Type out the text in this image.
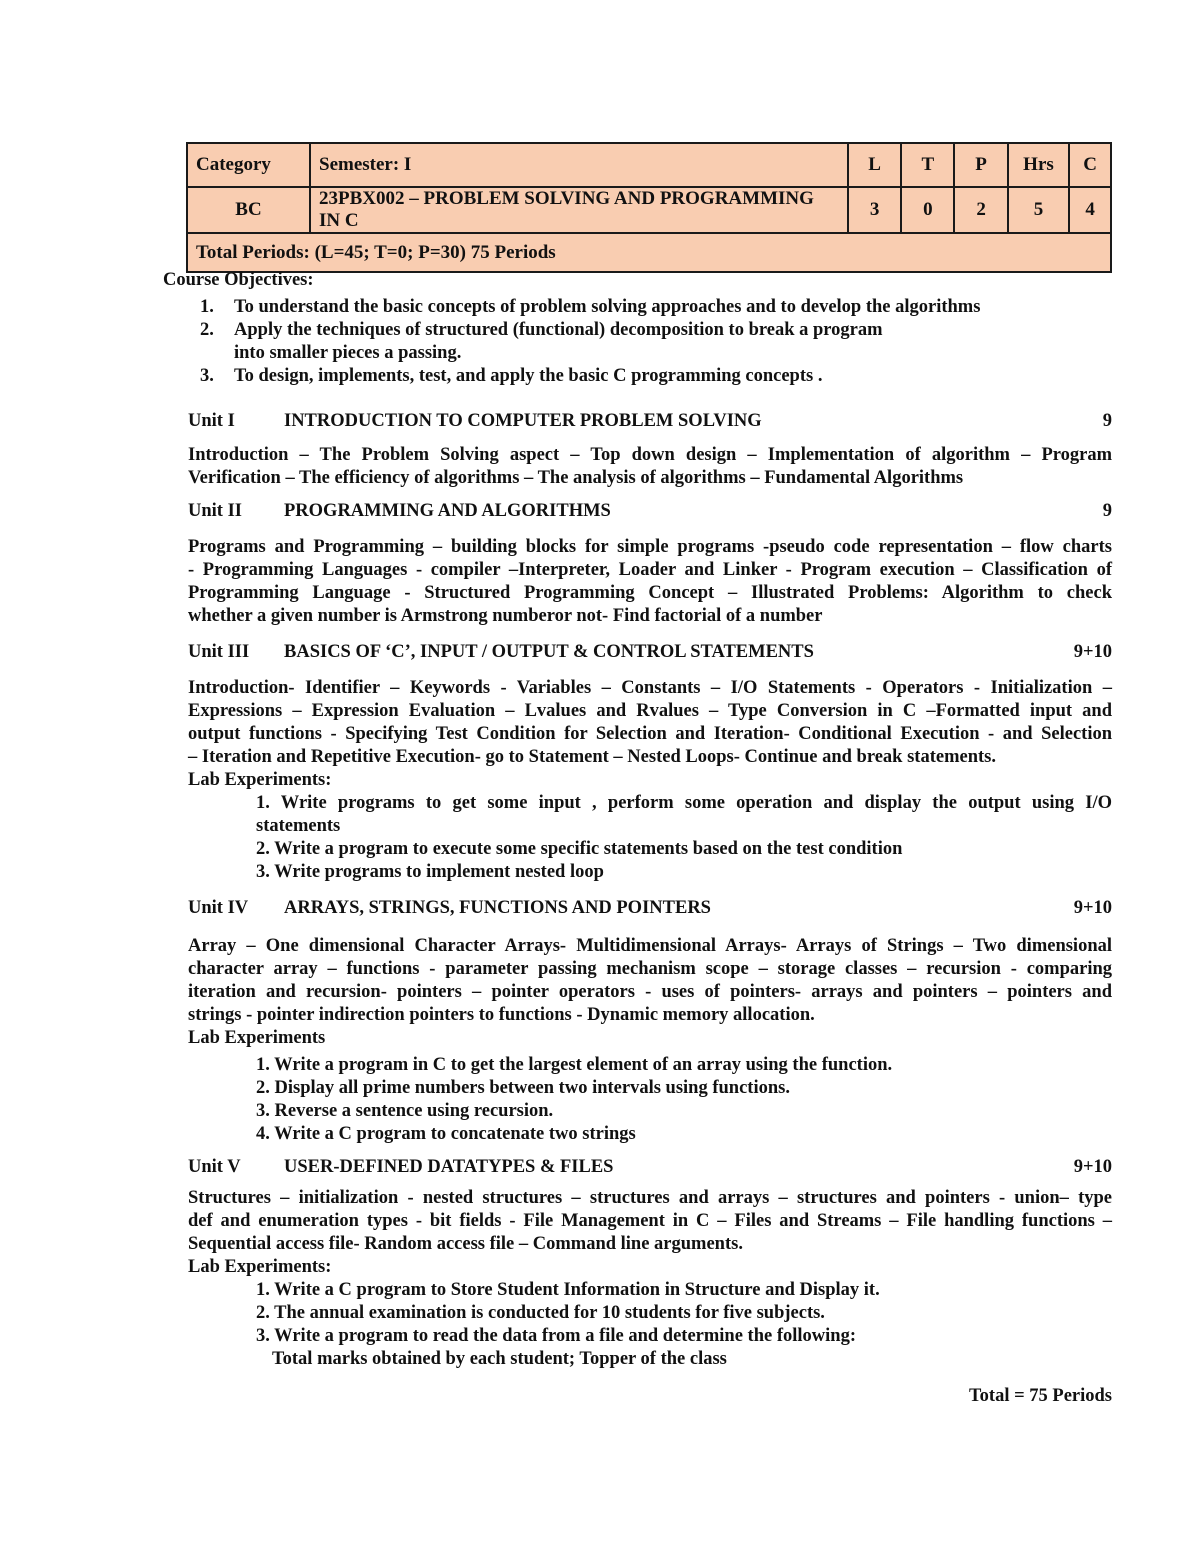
Category	Semester: I	L	T	P	Hrs	C
BC	23PBX002 – PROBLEM SOLVING AND PROGRAMMING IN C	3	0	2	5	4
Total Periods: (L=45; T=0; P=30) 75 Periods						
Course Objectives:
1. To understand the basic concepts of problem solving approaches and to develop the algorithms
2. Apply the techniques of structured (functional) decomposition to break a program
into smaller pieces a passing.
3. To design, implements, test, and apply the basic C programming concepts .
Unit I	INTRODUCTION TO COMPUTER PROBLEM SOLVING	9
Introduction – The Problem Solving aspect – Top down design – Implementation of algorithm – Program
Verification – The efficiency of algorithms – The analysis of algorithms – Fundamental Algorithms
Unit II PROGRAMMING AND ALGORITHMS	9
Programs and Programming – building blocks for simple programs -pseudo code representation – flow charts
- Programming Languages - compiler –Interpreter, Loader and Linker - Program execution – Classification of
Programming Language - Structured Programming Concept – Illustrated Problems: Algorithm to check
whether a given number is Armstrong numberor not- Find factorial of a number
Unit III BASICS OF ‘C’, INPUT / OUTPUT & CONTROL STATEMENTS	9+10
Introduction- Identifier – Keywords - Variables – Constants – I/O Statements - Operators - Initialization –
Expressions – Expression Evaluation – Lvalues and Rvalues – Type Conversion in C –Formatted input and
output functions - Specifying Test Condition for Selection and Iteration- Conditional Execution - and Selection
– Iteration and Repetitive Execution- go to Statement – Nested Loops- Continue and break statements.
Lab Experiments:
1. Write programs to get some input , perform some operation and display the output using I/O
statements
2. Write a program to execute some specific statements based on the test condition
3. Write programs to implement nested loop
Unit IV ARRAYS, STRINGS, FUNCTIONS AND POINTERS	9+10
Array – One dimensional Character Arrays- Multidimensional Arrays- Arrays of Strings – Two dimensional
character array – functions - parameter passing mechanism scope – storage classes – recursion - comparing
iteration and recursion- pointers – pointer operators - uses of pointers- arrays and pointers – pointers and
strings - pointer indirection pointers to functions - Dynamic memory allocation.
Lab Experiments
1. Write a program in C to get the largest element of an array using the function.
2. Display all prime numbers between two intervals using functions.
3. Reverse a sentence using recursion.
4. Write a C program to concatenate two strings
Unit V USER-DEFINED DATATYPES & FILES	9+10
Structures – initialization - nested structures – structures and arrays – structures and pointers - union– type
def and enumeration types - bit fields - File Management in C – Files and Streams – File handling functions –
Sequential access file- Random access file – Command line arguments.
Lab Experiments:
1. Write a C program to Store Student Information in Structure and Display it.
2. The annual examination is conducted for 10 students for five subjects.
3. Write a program to read the data from a file and determine the following:
Total marks obtained by each student; Topper of the class
Total = 75 Periods
